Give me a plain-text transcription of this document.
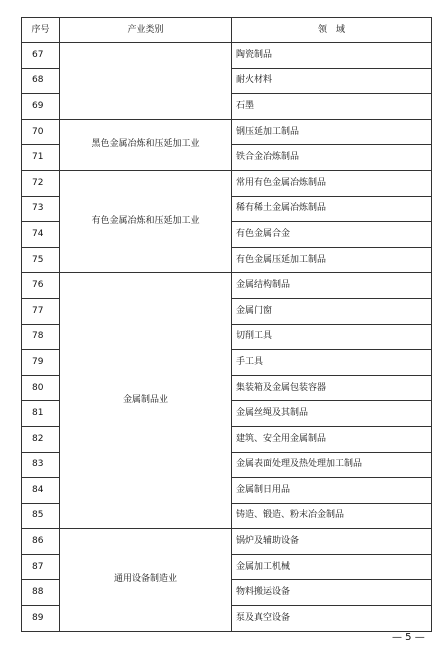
序号	产业类别	领　域
67		陶瓷制品
68		耐火材料
69		石墨
70	黑色金属冶炼和压延加工业	钢压延加工制品
71		铁合金冶炼制品
72	有色金属冶炼和压延加工业	常用有色金属冶炼制品
73		稀有稀土金属冶炼制品
74		有色金属合金
75		有色金属压延加工制品
76	金属制品业	金属结构制品
77		金属门窗
78		切削工具
79		手工具
80		集装箱及金属包装容器
81		金属丝绳及其制品
82		建筑、安全用金属制品
83		金属表面处理及热处理加工制品
84		金属制日用品
85		铸造、锻造、粉末冶金制品
86	通用设备制造业	锅炉及辅助设备
87		金属加工机械
88		物料搬运设备
89		泵及真空设备
— 5 —
